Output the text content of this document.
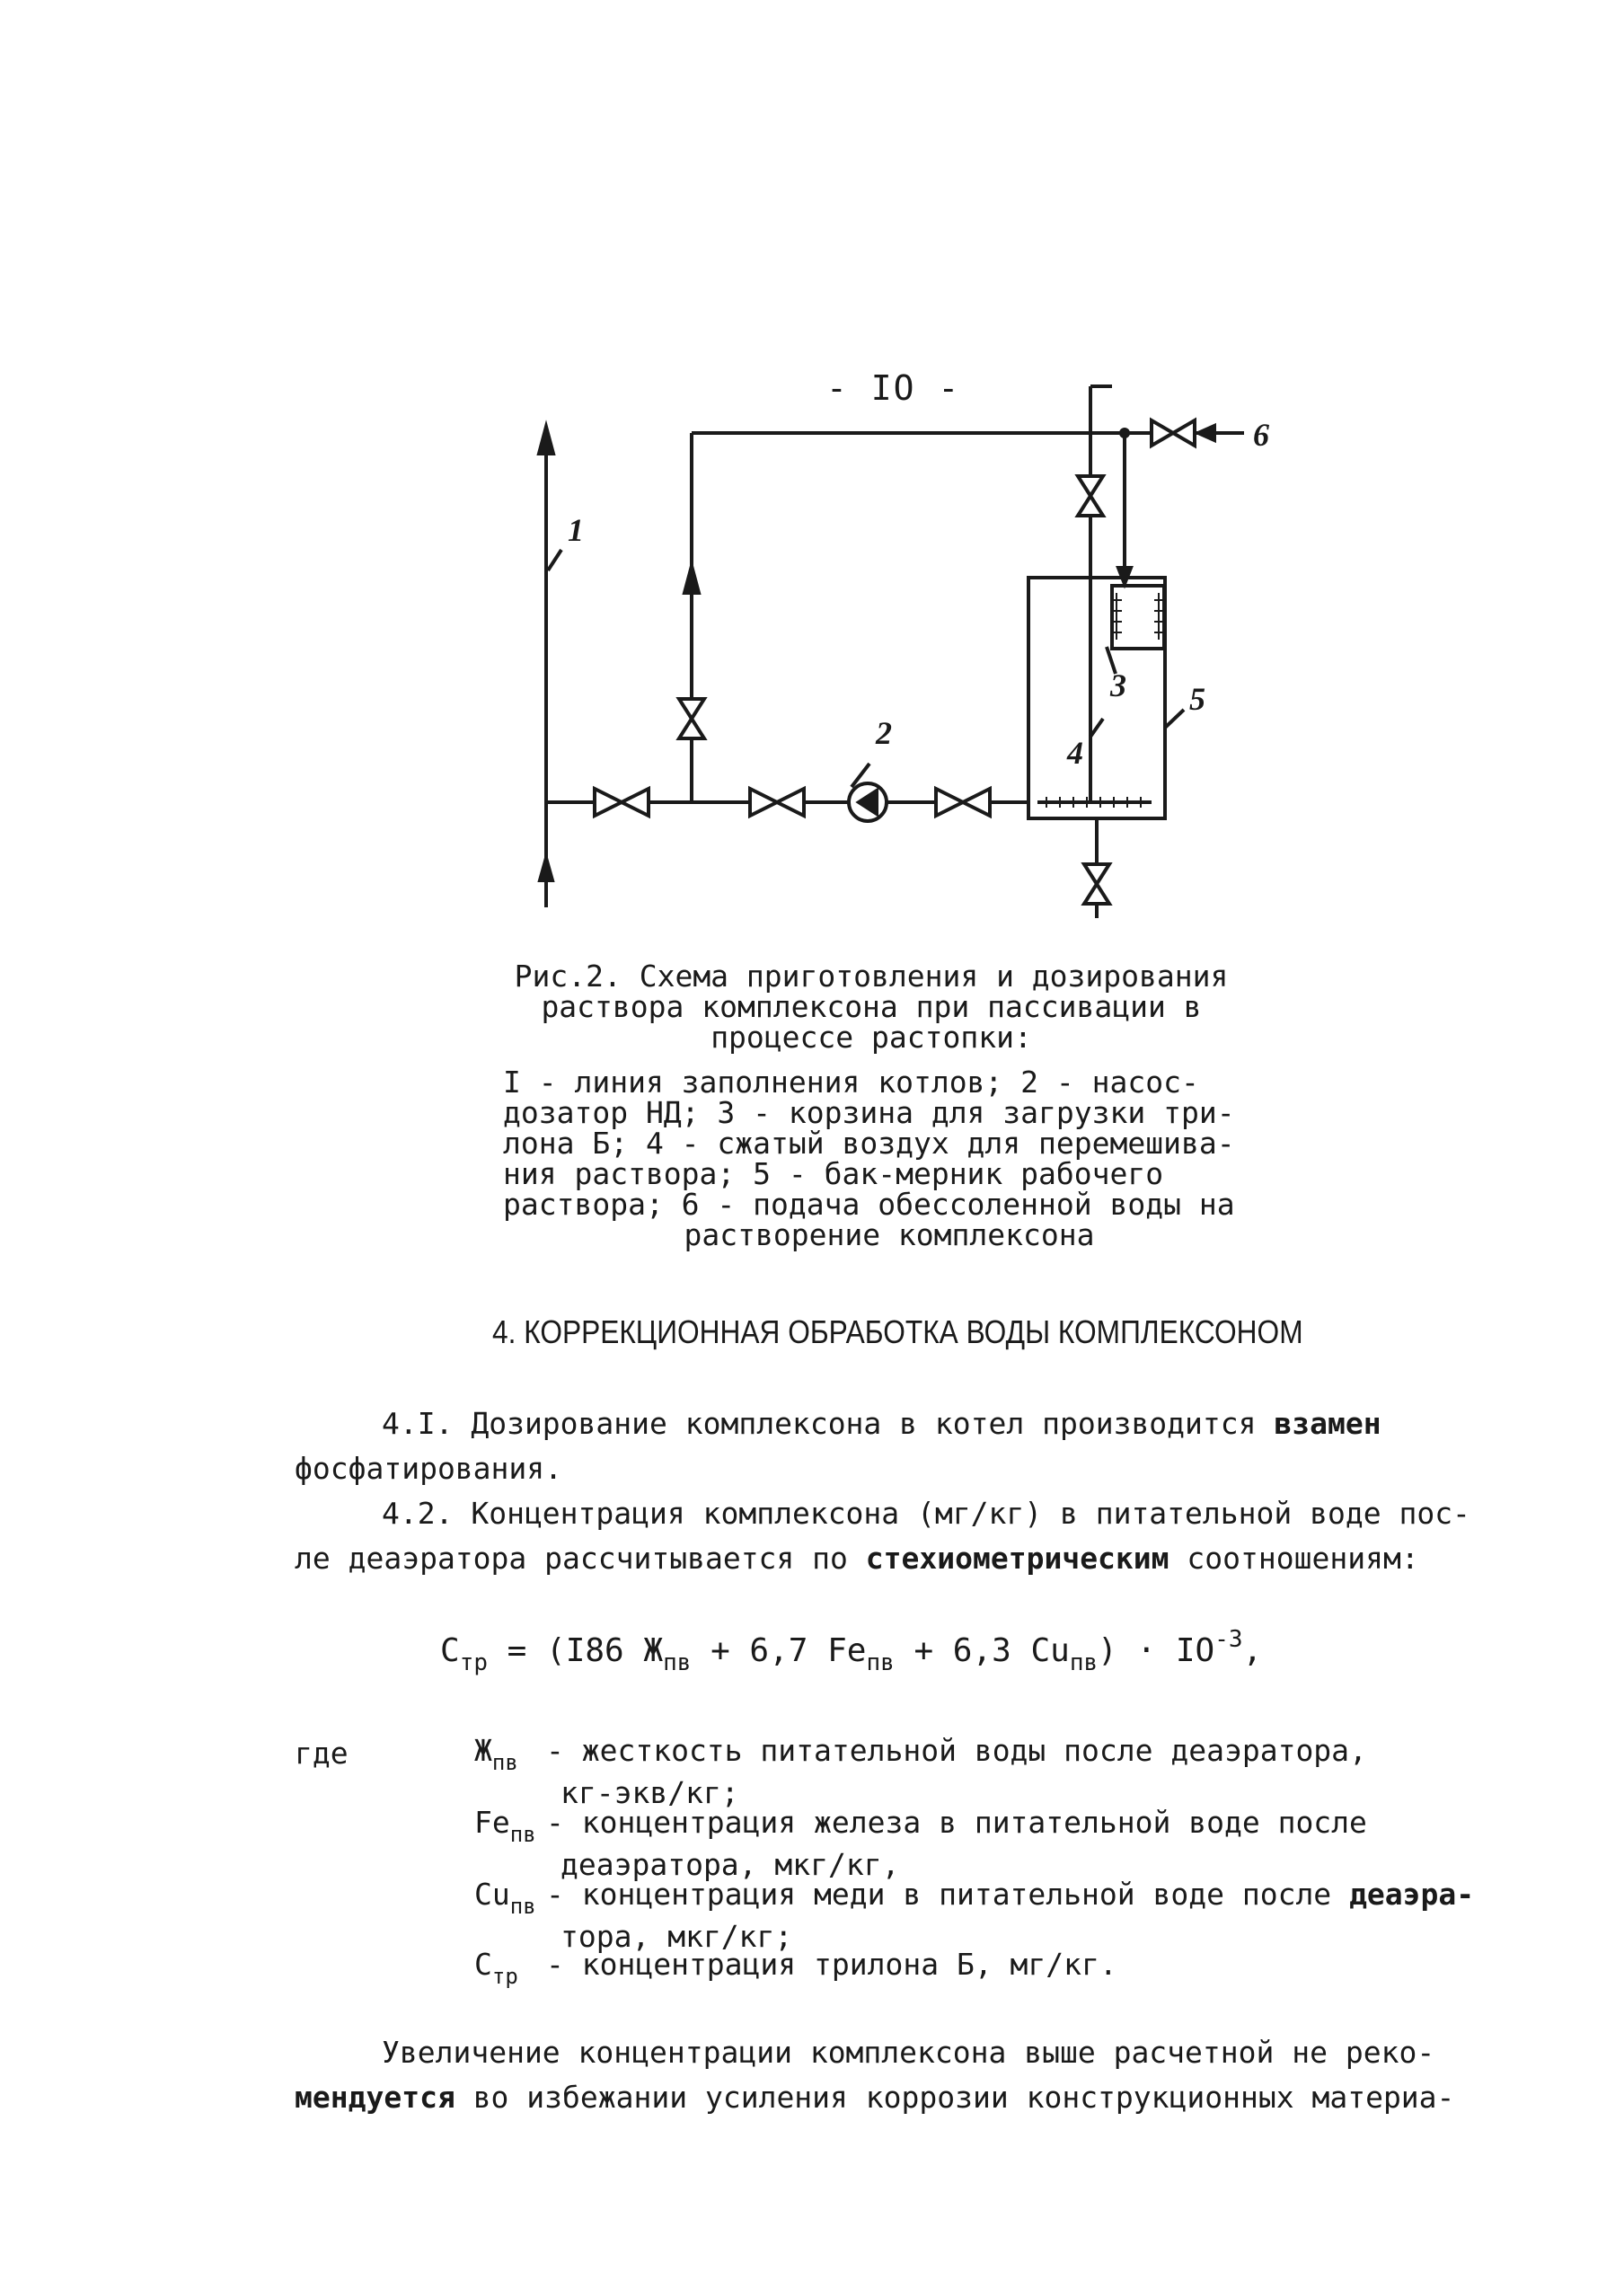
- IO -
1
2
3
4
5
6
Рис.2. Схема приготовления и дозирования
раствора комплексона при пассивации в
процессе растопки:
I - линия заполнения котлов; 2 - насос-
дозатор НД; 3 - корзина для загрузки три-
лона Б; 4 - сжатый воздух для перемешива-
ния раствора; 5 - бак-мерник рабочего
раствора; 6 - подача обессоленной воды на
растворение комплексона
4. КОРРЕКЦИОННАЯ ОБРАБОТКА ВОДЫ КОМПЛЕКСОНОМ
4.I. Дозирование комплексона в котел производится взамен
фосфатирования.
4.2. Концентрация комплексона (мг/кг) в питательной воде пос-
ле деаэратора рассчитывается по стехиометрическим соотношениям:
$С_{тр} = (I86$ $Ж_{пв} + 6,7$ $Fe_{пв} + 6,3$ $Cu_{пв}) \cdot IO^{-3}$,
где	$Ж_{пв}$ - жесткость питательной воды после деаэратора,
кг-экв/кг;
$Fe_{пв}$ - концентрация железа в питательной воде после
деаэратора, мкг/кг,
$Cu_{пв}$ - концентрация меди в питательной воде после деаэра-
тора, мкг/кг;
$С_{тр}$ - концентрация трилона Б, мг/кг.
Увеличение концентрации комплексона выше расчетной не реко-
мендуется во избежании усиления коррозии конструкционных материа-
